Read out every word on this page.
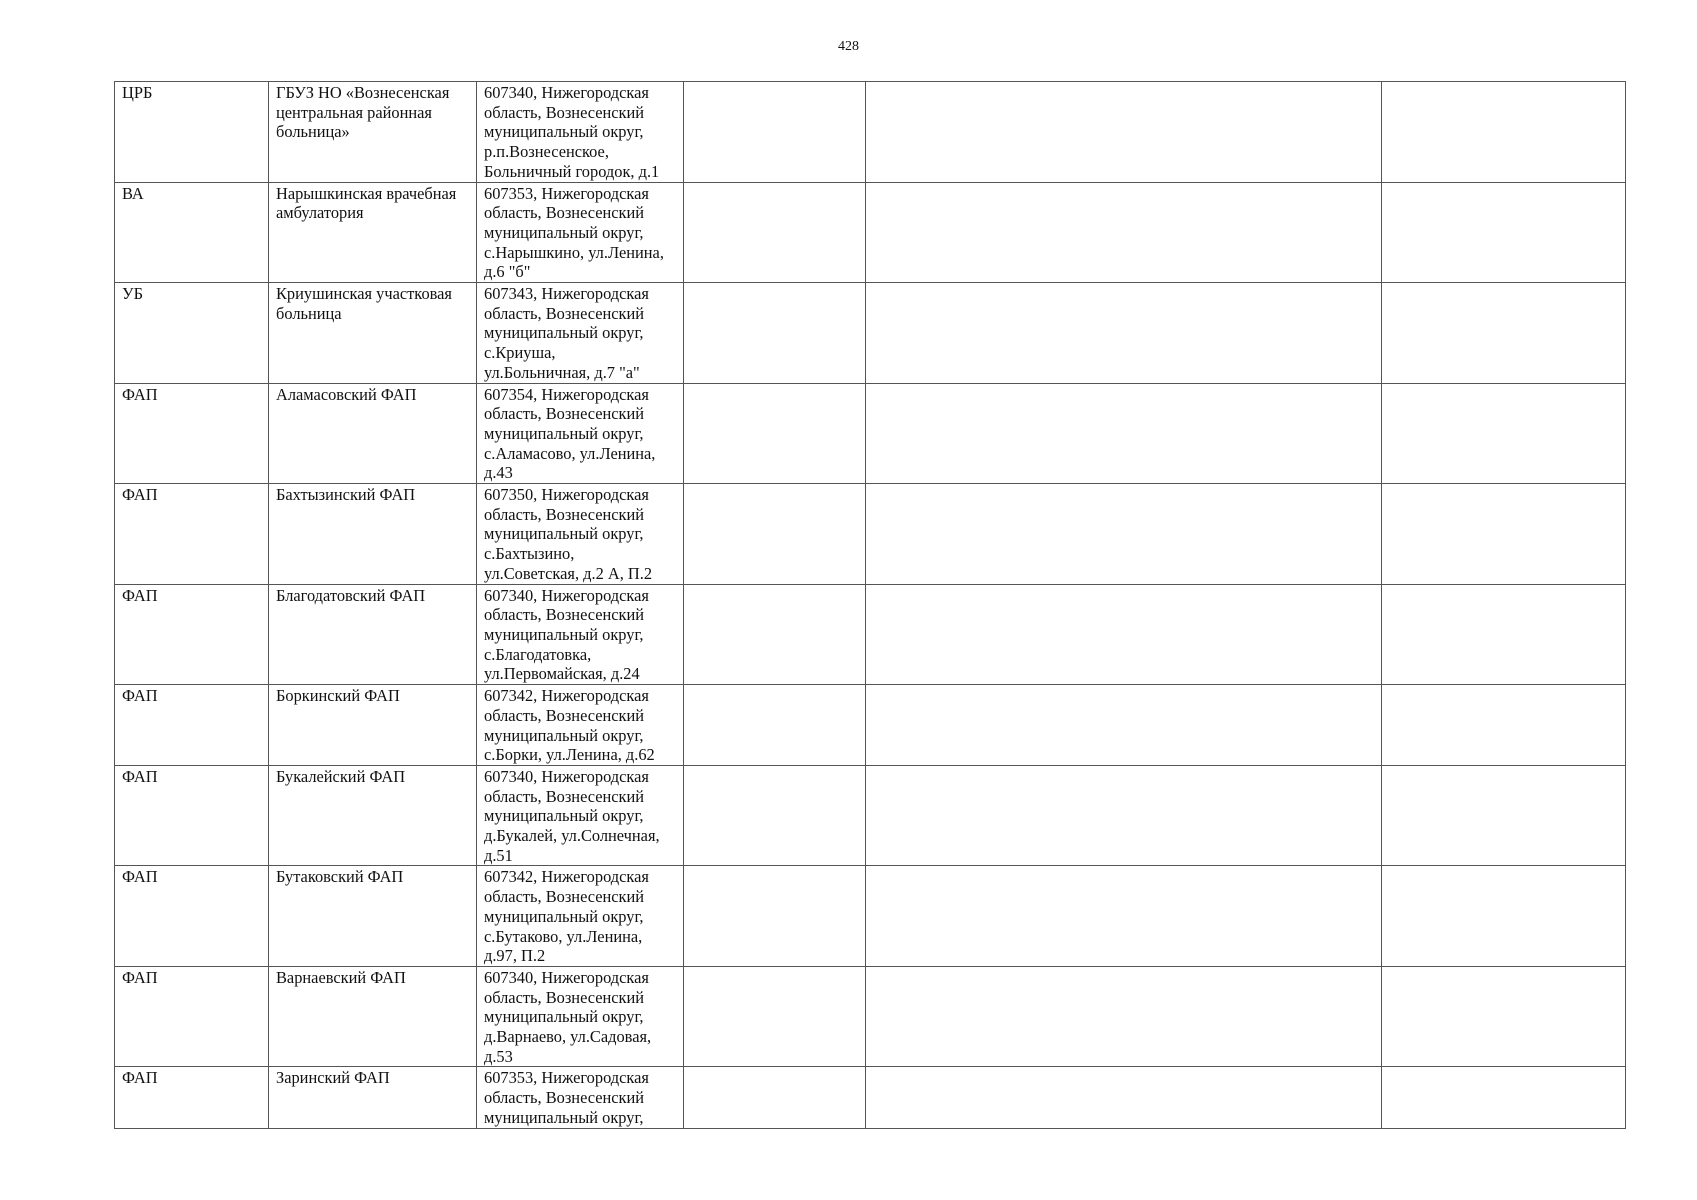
428
ЦРБ	ГБУЗ НО «Вознесенская
центральная районная
больница»	607340, Нижегородская
область, Вознесенский
муниципальный округ,
р.п.Вознесенское,
Больничный городок, д.1			

ВА	Нарышкинская врачебная
амбулатория	607353, Нижегородская
область, Вознесенский
муниципальный округ,
с.Нарышкино, ул.Ленина,
д.6 "б"			

УБ	Криушинская участковая
больница	607343, Нижегородская
область, Вознесенский
муниципальный округ,
с.Криуша,
ул.Больничная, д.7 "а"			

ФАП	Аламасовский ФАП	607354, Нижегородская
область, Вознесенский
муниципальный округ,
с.Аламасово, ул.Ленина,
д.43			

ФАП	Бахтызинский ФАП	607350, Нижегородская
область, Вознесенский
муниципальный округ,
с.Бахтызино,
ул.Советская, д.2 А, П.2			

ФАП	Благодатовский ФАП	607340, Нижегородская
область, Вознесенский
муниципальный округ,
с.Благодатовка,
ул.Первомайская, д.24			

ФАП	Боркинский ФАП	607342, Нижегородская
область, Вознесенский
муниципальный округ,
с.Борки, ул.Ленина, д.62			

ФАП	Букалейский ФАП	607340, Нижегородская
область, Вознесенский
муниципальный округ,
д.Букалей, ул.Солнечная,
д.51			

ФАП	Бутаковский ФАП	607342, Нижегородская
область, Вознесенский
муниципальный округ,
с.Бутаково, ул.Ленина,
д.97, П.2			

ФАП	Варнаевский ФАП	607340, Нижегородская
область, Вознесенский
муниципальный округ,
д.Варнаево, ул.Садовая,
д.53			

ФАП	Заринский ФАП	607353, Нижегородская
область, Вознесенский
муниципальный округ,			
